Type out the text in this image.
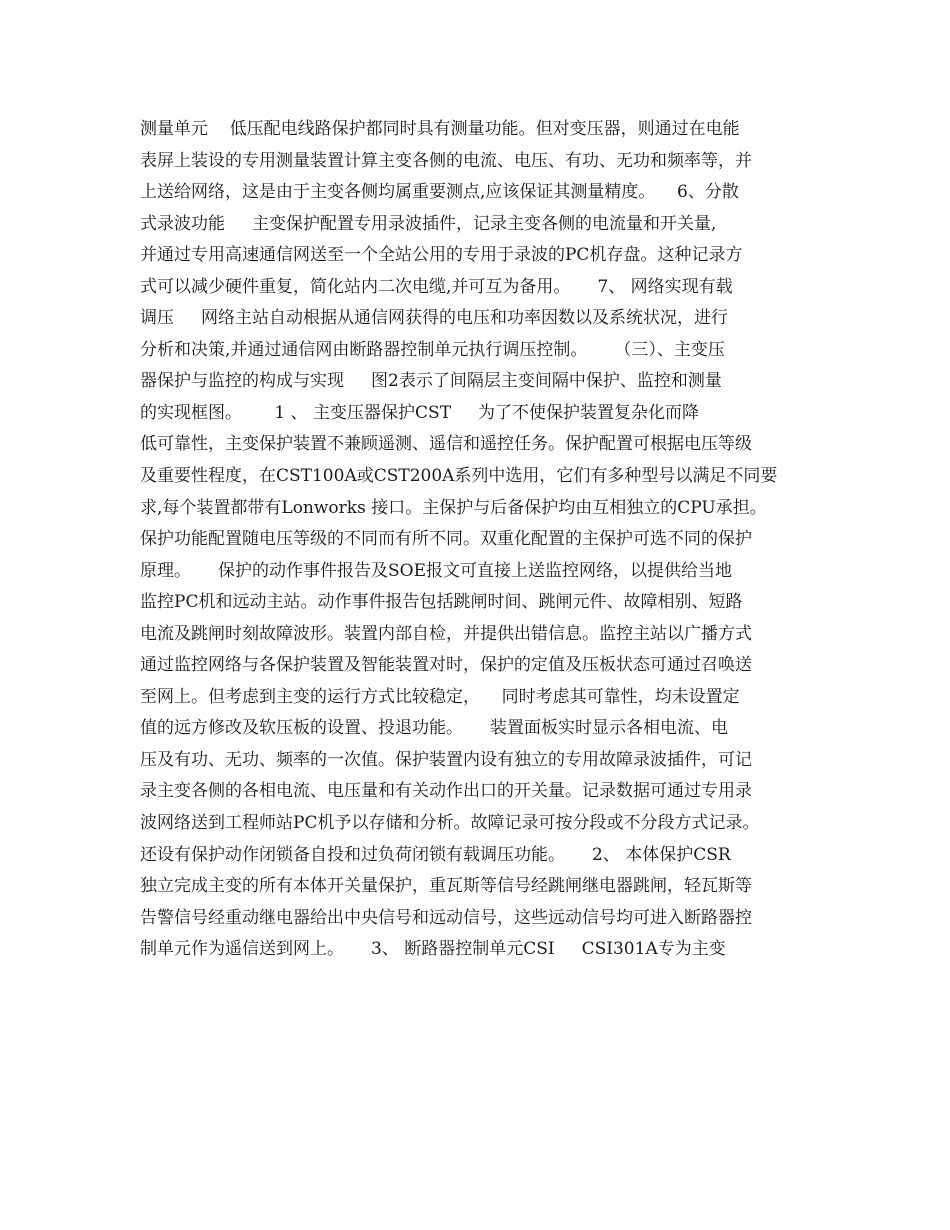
测量单元    低压配电线路保护都同时具有测量功能。但对变压器，则通过在电能
表屏上装设的专用测量装置计算主变各侧的电流、电压、有功、无功和频率等，并
上送给网络，这是由于主变各侧均属重要测点,应该保证其测量精度。    6、分散
式录波功能     主变保护配置专用录波插件，记录主变各侧的电流量和开关量,
并通过专用高速通信网送至一个全站公用的专用于录波的PC机存盘。这种记录方
式可以减少硬件重复，简化站内二次电缆,并可互为备用。     7、 网络实现有载
调压     网络主站自动根据从通信网获得的电压和功率因数以及系统状况，进行
分析和决策,并通过通信网由断路器控制单元执行调压控制。     （三）、主变压
器保护与监控的构成与实现     图2表示了间隔层主变间隔中保护、监控和测量
的实现框图。      1 、 主变压器保护CST     为了不使保护装置复杂化而降
低可靠性，主变保护装置不兼顾遥测、遥信和遥控任务。保护配置可根据电压等级
及重要性程度，在CST100A或CST200A系列中选用，它们有多种型号以满足不同要
求,每个装置都带有Lonworks 接口。主保护与后备保护均由互相独立的CPU承担。
保护功能配置随电压等级的不同而有所不同。双重化配置的主保护可选不同的保护
原理。     保护的动作事件报告及SOE报文可直接上送监控网络，以提供给当地
监控PC机和远动主站。动作事件报告包括跳闸时间、跳闸元件、故障相别、短路
电流及跳闸时刻故障波形。装置内部自检，并提供出错信息。监控主站以广播方式
通过监控网络与各保护装置及智能装置对时，保护的定值及压板状态可通过召唤送
至网上。但考虑到主变的运行方式比较稳定，    同时考虑其可靠性，均未设置定
值的远方修改及软压板的设置、投退功能。     装置面板实时显示各相电流、电
压及有功、无功、频率的一次值。保护装置内设有独立的专用故障录波插件，可记
录主变各侧的各相电流、电压量和有关动作出口的开关量。记录数据可通过专用录
波网络送到工程师站PC机予以存储和分析。故障记录可按分段或不分段方式记录。
还设有保护动作闭锁备自投和过负荷闭锁有载调压功能。     2、 本体保护CSR
独立完成主变的所有本体开关量保护，重瓦斯等信号经跳闸继电器跳闸，轻瓦斯等
告警信号经重动继电器给出中央信号和远动信号，这些远动信号均可进入断路器控
制单元作为遥信送到网上。     3、 断路器控制单元CSI     CSI301A专为主变
